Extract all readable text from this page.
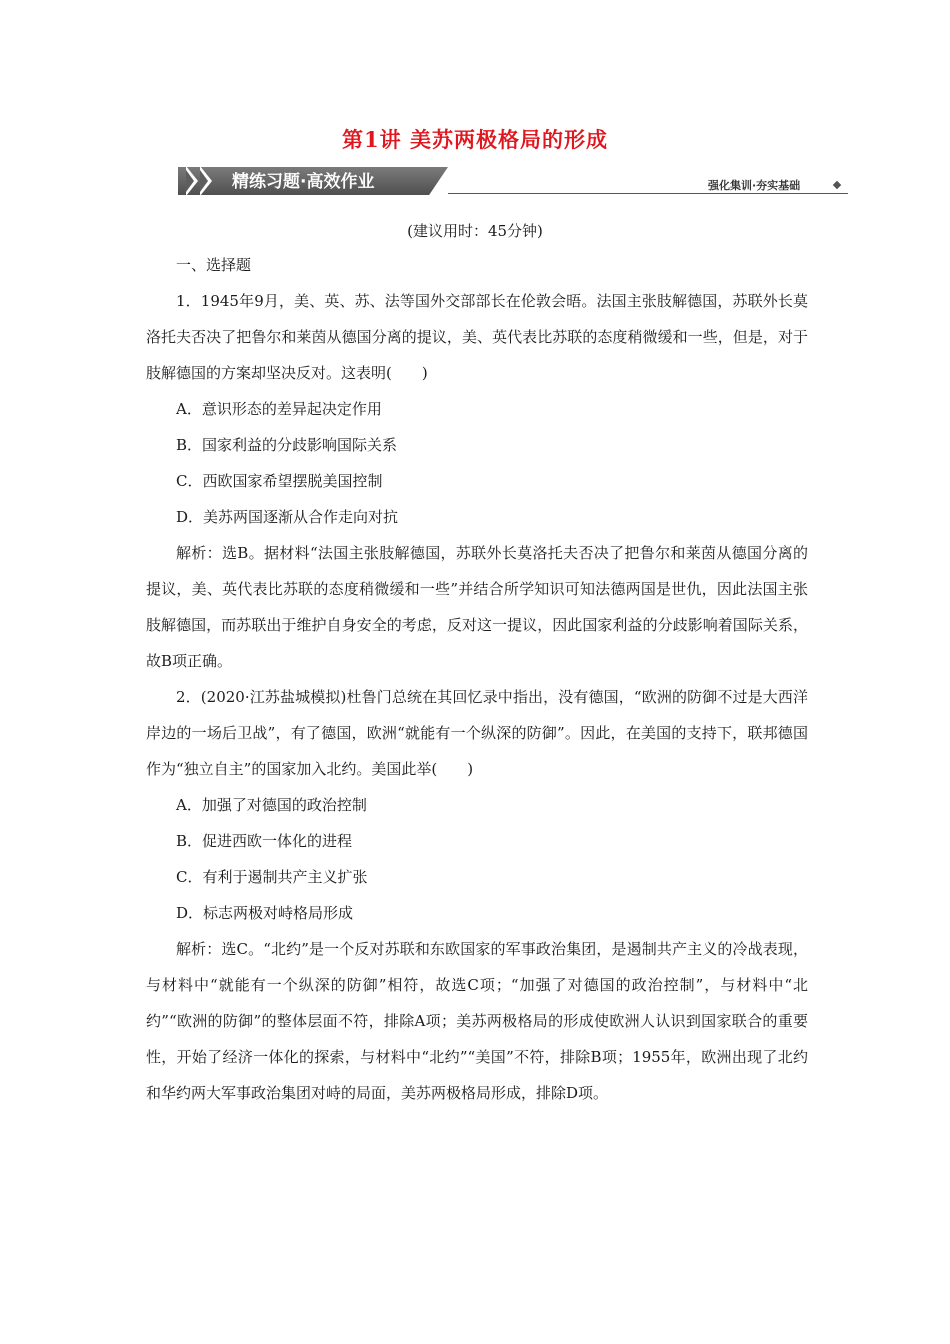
第1讲 美苏两极格局的形成
精练习题·高效作业	强化集训·夯实基础
(建议用时：45分钟)

一、选择题

1．1945年9月，美、英、苏、法等国外交部部长在伦敦会晤。法国主张肢解德国，苏联外长莫洛托夫否决了把鲁尔和莱茵从德国分离的提议，美、英代表比苏联的态度稍微缓和一些，但是，对于肢解德国的方案却坚决反对。这表明(　　)

A．意识形态的差异起决定作用

B．国家利益的分歧影响国际关系

C．西欧国家希望摆脱美国控制

D．美苏两国逐渐从合作走向对抗

解析：选B。据材料“法国主张肢解德国，苏联外长莫洛托夫否决了把鲁尔和莱茵从德国分离的提议，美、英代表比苏联的态度稍微缓和一些”并结合所学知识可知法德两国是世仇，因此法国主张肢解德国，而苏联出于维护自身安全的考虑，反对这一提议，因此国家利益的分歧影响着国际关系，故B项正确。

2．(2020·江苏盐城模拟)杜鲁门总统在其回忆录中指出，没有德国，“欧洲的防御不过是大西洋岸边的一场后卫战”，有了德国，欧洲“就能有一个纵深的防御”。因此，在美国的支持下，联邦德国作为“独立自主”的国家加入北约。美国此举(　　)

A．加强了对德国的政治控制

B．促进西欧一体化的进程

C．有利于遏制共产主义扩张

D．标志两极对峙格局形成

解析：选C。“北约”是一个反对苏联和东欧国家的军事政治集团，是遏制共产主义的冷战表现，与材料中“就能有一个纵深的防御”相符，故选C项；“加强了对德国的政治控制”，与材料中“北约”“欧洲的防御”的整体层面不符，排除A项；美苏两极格局的形成使欧洲人认识到国家联合的重要性，开始了经济一体化的探索，与材料中“北约”“美国”不符，排除B项；1955年，欧洲出现了北约和华约两大军事政治集团对峙的局面，美苏两极格局形成，排除D项。
